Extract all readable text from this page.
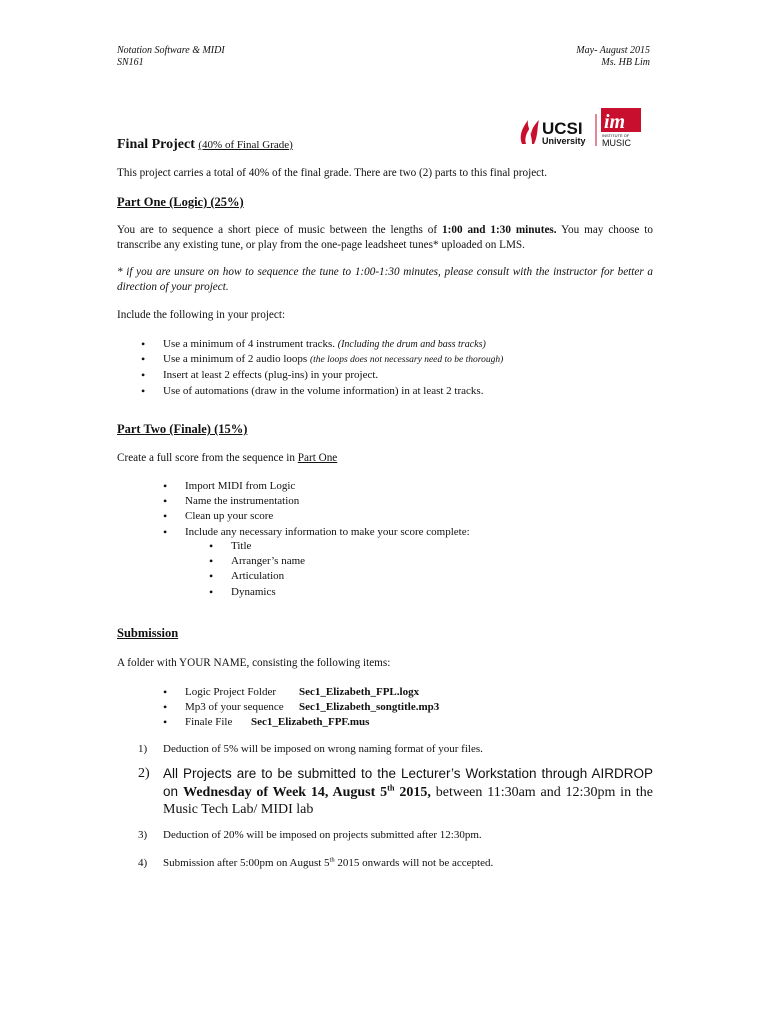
Notation Software & MIDI
SN161
May- August 2015
Ms. HB Lim
UCSI
University
im
INSTITUTE OF
MUSIC
Final Project (40% of Final Grade)
This project carries a total of 40% of the final grade. There are two (2) parts to this final project.
Part One (Logic) (25%)
You are to sequence a short piece of music between the lengths of 1:00 and 1:30 minutes. You may choose to transcribe any existing tune, or play from the one-page leadsheet tunes* uploaded on LMS.
* if you are unsure on how to sequence the tune to 1:00-1:30 minutes, please consult with the instructor for better a direction of your project.
Include the following in your project:
• Use a minimum of 4 instrument tracks. (Including the drum and bass tracks)
• Use a minimum of 2 audio loops (the loops does not necessary need to be thorough)
• Insert at least 2 effects (plug-ins) in your project.
• Use of automations (draw in the volume information) in at least 2 tracks.
Part Two (Finale) (15%)
Create a full score from the sequence in Part One
• Import MIDI from Logic
• Name the instrumentation
• Clean up your score
• Include any necessary information to make your score complete:
• Title
• Arranger’s name
• Articulation
• Dynamics
Submission
A folder with YOUR NAME, consisting the following items:
• Logic Project Folder Sec1_Elizabeth_FPL.logx
• Mp3 of your sequence Sec1_Elizabeth_songtitle.mp3
• Finale File Sec1_Elizabeth_FPF.mus
1)	Deduction of 5% will be imposed on wrong naming format of your files.
2) All Projects are to be submitted to the Lecturer’s Workstation through AIRDROP on Wednesday of Week 14, August 5th 2015, between 11:30am and 12:30pm in the Music Tech Lab/ MIDI lab
3)	Deduction of 20% will be imposed on projects submitted after 12:30pm.
4)	Submission after 5:00pm on August 5th 2015 onwards will not be accepted.
